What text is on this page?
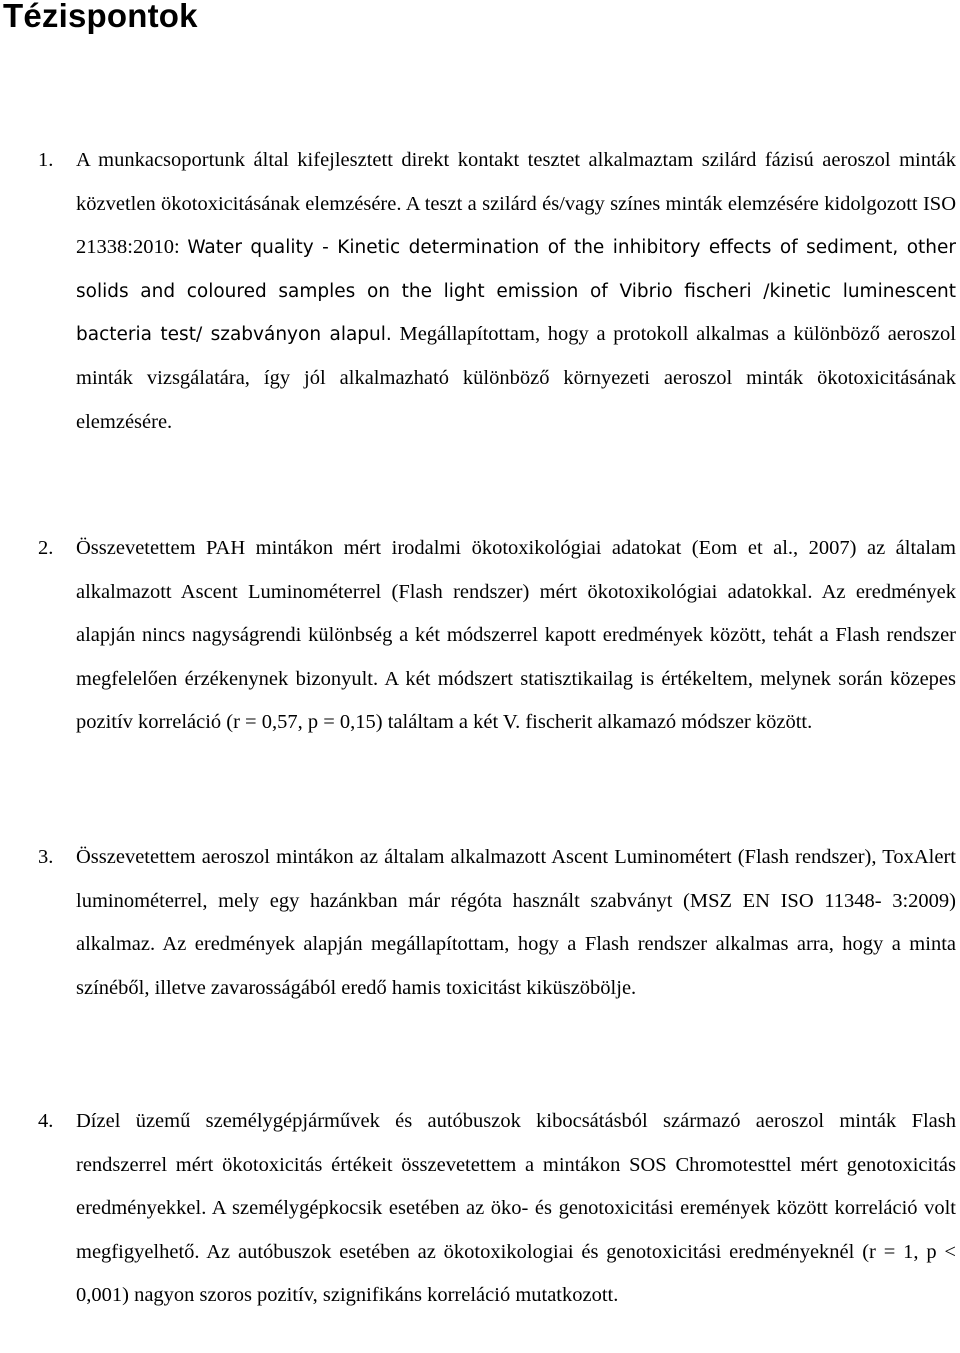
Tézispontok

1.	A munkacsoportunk által kifejlesztett direkt kontakt tesztet alkalmaztam szilárd fázisú aeroszol minták közvetlen ökotoxicitásának elemzésére. A teszt a szilárd és/vagy színes minták elemzésére kidolgozott ISO 21338:2010: Water quality - Kinetic determination of the inhibitory effects of sediment, other solids and coloured samples on the light emission of Vibrio fischeri /kinetic luminescent bacteria test/ szabványon alapul. Megállapítottam, hogy a protokoll alkalmas a különböző aeroszol minták vizsgálatára, így jól alkalmazható különböző környezeti aeroszol minták ökotoxicitásának elemzésére.

2.	Összevetettem PAH mintákon mért irodalmi ökotoxikológiai adatokat (Eom et al., 2007) az általam alkalmazott Ascent Luminométerrel (Flash rendszer) mért ökotoxikológiai adatokkal. Az eredmények alapján nincs nagyságrendi különbség a két módszerrel kapott eredmények között, tehát a Flash rendszer megfelelően érzékenynek bizonyult. A két módszert statisztikailag is értékeltem, melynek során közepes pozitív korreláció (r = 0,57, p = 0,15) találtam a két V. fischerit alkamazó módszer között.

3.	Összevetettem aeroszol mintákon az általam alkalmazott Ascent Luminométert (Flash rendszer), ToxAlert luminométerrel, mely egy hazánkban már régóta használt szabványt (MSZ EN ISO 11348- 3:2009) alkalmaz. Az eredmények alapján megállapítottam, hogy a Flash rendszer alkalmas arra, hogy a minta színéből, illetve zavarosságából eredő hamis toxicitást kiküszöbölje.

4.	Dízel üzemű személygépjárművek és autóbuszok kibocsátásból származó aeroszol minták Flash rendszerrel mért ökotoxicitás értékeit összevetettem a mintákon SOS Chromotesttel mért genotoxicitás eredményekkel. A személygépkocsik esetében az öko- és genotoxicitási eremények között korreláció volt megfigyelhető. Az autóbuszok esetében az ökotoxikologiai és genotoxicitási eredményeknél (r = 1, p < 0,001) nagyon szoros pozitív, szignifikáns korreláció mutatkozott.
